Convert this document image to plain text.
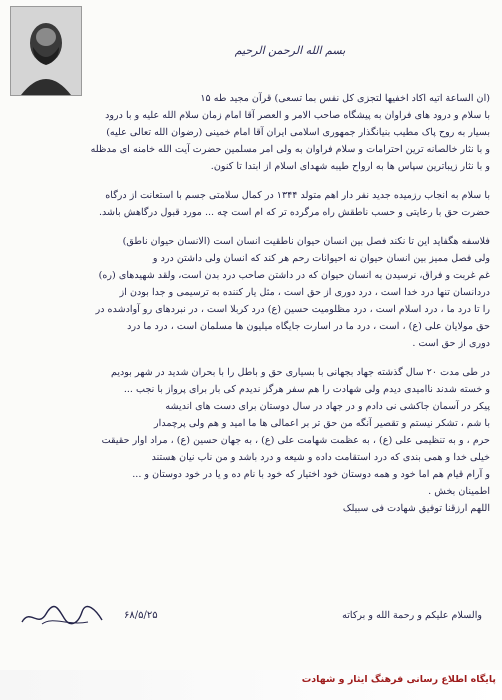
بسم الله الرحمن الرحیم

(ان الساعة اتیه اکاد اخفیها لتجزی کل نفس بما تسعی) قرآن مجید طه ۱۵

با سلام و درود های فراوان به پیشگاه صاحب الامر و العصر آقا امام زمان سلام الله علیه و با درود

بسیار به روح پاک مطیب بنیانگذار جمهوری اسلامی ایران آقا امام خمینی (رضوان الله تعالی علیه)

و با نثار خالصانه ترین احترامات و سلام فراوان به ولی امر مسلمین حضرت آیت الله خامنه ای مدظله

و با نثار زیباترین سپاس ها به ارواح طیبه شهدای اسلام از ابتدا تا کنون.

با سلام به انجاب رزمیده جدید نفر دار اهم متولد ۱۳۴۴ در کمال سلامتی جسم با استعانت از درگاه

حضرت حق با رعایتی و حسب ناطقش راه مرگرده تر که ام است چه ... مورد قبول درگاهش باشد.

فلاسفه هگفاید این تا نکند فصل بین انسان حیوان ناطقیت انسان است (الانسان حیوان ناطق)

ولی فصل ممیز بین انسان حیوان نه احیوانات رحم هر کند که انسان ولی داشتن درد و

غم غربت و فراق، نرسیدن به انسان حیوان که در داشتن صاحب درد بدن است، ولقد شهیدهای (ره)

دردانسان تنها درد خدا است ، درد دوری از حق است ، مثل یار کننده به ترسیمی و جدا بودن از

را تا درد ما ، درد اسلام است ، درد مظلومیت حسین (ع) درد کربلا است ، در نبردهای رو آوادشده در

حق مولایان علی (ع) ، است ، درد ما در اسارت جایگاه میلیون ها مسلمان است ، درد ما درد

دوری از حق است .

در طی مدت ۲۰ سال گذشته جهاد بجهانی با بسیاری حق و باطل را با بحران شدید در شهر بودیم

و خسته شدند ناامیدی دیدم ولی شهادت را هم سفر هرگز ندیدم کی بار برای پرواز با نجب ...

پیکر در آسمان جاکشی نی دادم و در جهاد در سال دوستان برای دست های اندیشه

با شم ، تشکر نیستم و تقصیر آنگه من حق تر بر اعمالی ها ما امید و هم ولی پرچمدار

حرم ، و به تنظیمی علی (ع) ، به عظمت شهامت علی (ع) ، به جهان حسین (ع) ، مراد اوار حقیقت

خیلی خدا و همی بندی که درد استقامت داده و شیعه و درد باشد و من ناب نیان هستند

و آرام قیام هم اما خود و همه دوستان خود اختیار که خود با نام ده و یا در خود دوستان و ...

اطمینان بخش .

اللهم ارزقنا توفیق شهادت فی سبیلک

۶۸/۵/۲۵	والسلام علیکم و رحمة الله و برکاته
پایگاه اطلاع رسانی فرهنگ ایثار و شهادت
